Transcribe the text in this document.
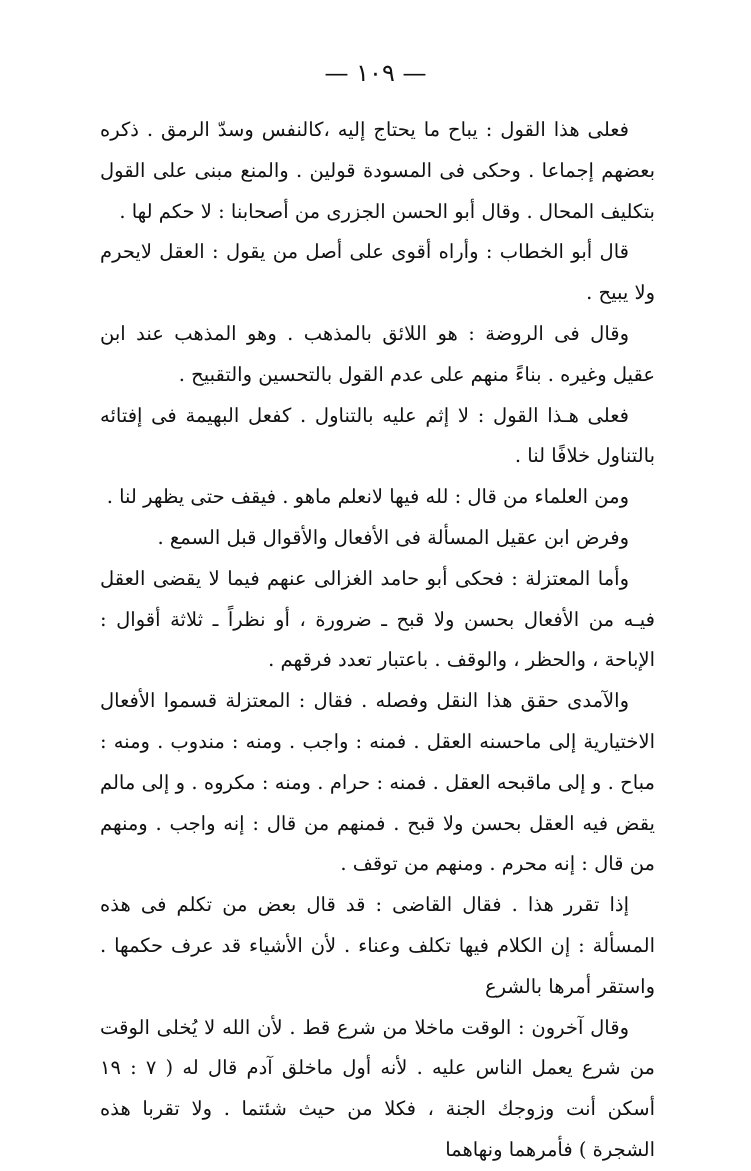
— ١٠٩ —

فعلى هذا القول : يباح ما يحتاج إليه ،كالنفس وسدّ الرمق . ذكره بعضهم إجماعا . وحكى فى المسودة قولين . والمنع مبنى على القول بتكليف المحال . وقال أبو الحسن الجزرى من أصحابنا : لا حكم لها .

قال أبو الخطاب : وأراه أقوى على أصل من يقول : العقل لايحرم ولا يبيح .

وقال فى الروضة : هو اللائق بالمذهب . وهو المذهب عند ابن عقيل وغيره . بناءً منهم على عدم القول بالتحسين والتقبيح .

فعلى هـذا القول : لا إثم عليه بالتناول . كفعل البهيمة فى إفتائه بالتناول خلافًا لنا .

ومن العلماء من قال : لله فيها لانعلم ماهو . فيقف حتى يظهر لنا .

وفرض ابن عقيل المسألة فى الأفعال والأقوال قبل السمع .

وأما المعتزلة : فحكى أبو حامد الغزالى عنهم فيما لا يقضى العقل فيـه من الأفعال بحسن ولا قبح ـ ضرورة ، أو نظراً ـ ثلاثة أقوال : الإباحة ، والحظر ، والوقف . باعتبار تعدد فرقهم .

والآمدى حقق هذا النقل وفصله . فقال : المعتزلة قسموا الأفعال الاختيارية إلى ماحسنه العقل . فمنه : واجب . ومنه : مندوب . ومنه : مباح . و إلى ماقبحه العقل . فمنه : حرام . ومنه : مكروه . و إلى مالم يقض فيه العقل بحسن ولا قبح . فمنهم من قال : إنه واجب . ومنهم من قال : إنه محرم . ومنهم من توقف .

إذا تقرر هذا . فقال القاضى : قد قال بعض من تكلم فى هذه المسألة : إن الكلام فيها تكلف وعناء . لأن الأشياء قد عرف حكمها . واستقر أمرها بالشرع

وقال آخرون : الوقت ماخلا من شرع قط . لأن الله لا يُخلى الوقت من شرع يعمل الناس عليه . لأنه أول ماخلق آدم قال له ( ٧ : ١٩ أسكن أنت وزوجك الجنة ، فكلا من حيث شئتما . ولا تقربا هذه الشجرة ) فأمرهما ونهاهما
